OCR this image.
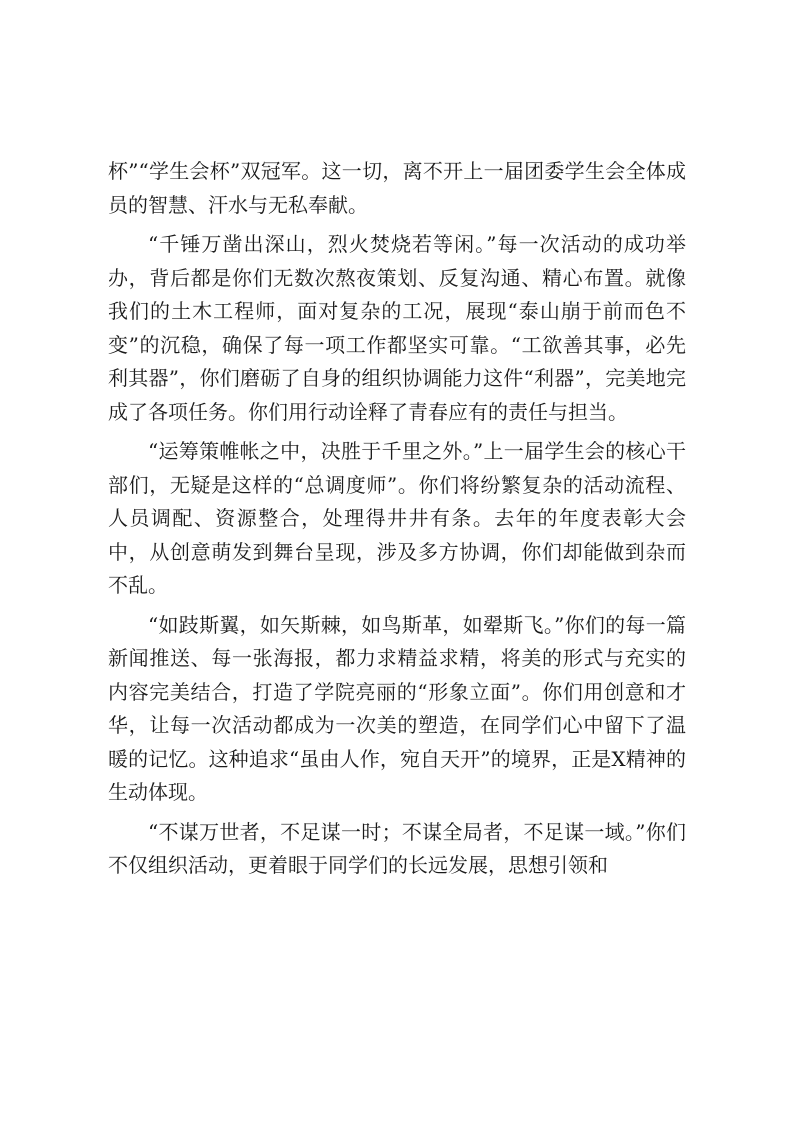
杯”“学生会杯”双冠军。这一切，离不开上一届团委学生会全体成员的智慧、汗水与无私奉献。

“千锤万凿出深山，烈火焚烧若等闲。”每一次活动的成功举办，背后都是你们无数次熬夜策划、反复沟通、精心布置。就像我们的土木工程师，面对复杂的工况，展现“泰山崩于前而色不变”的沉稳，确保了每一项工作都坚实可靠。“工欲善其事，必先利其器”，你们磨砺了自身的组织协调能力这件“利器”，完美地完成了各项任务。你们用行动诠释了青春应有的责任与担当。

“运筹策帷帐之中，决胜于千里之外。”上一届学生会的核心干部们，无疑是这样的“总调度师”。你们将纷繁复杂的活动流程、人员调配、资源整合，处理得井井有条。去年的年度表彰大会中，从创意萌发到舞台呈现，涉及多方协调，你们却能做到杂而不乱。

“如跂斯翼，如矢斯棘，如鸟斯革，如翚斯飞。”你们的每一篇新闻推送、每一张海报，都力求精益求精，将美的形式与充实的内容完美结合，打造了学院亮丽的“形象立面”。你们用创意和才华，让每一次活动都成为一次美的塑造，在同学们心中留下了温暖的记忆。这种追求“虽由人作，宛自天开”的境界，正是X精神的生动体现。

“不谋万世者，不足谋一时；不谋全局者，不足谋一域。”你们不仅组织活动，更着眼于同学们的长远发展，思想引领和
